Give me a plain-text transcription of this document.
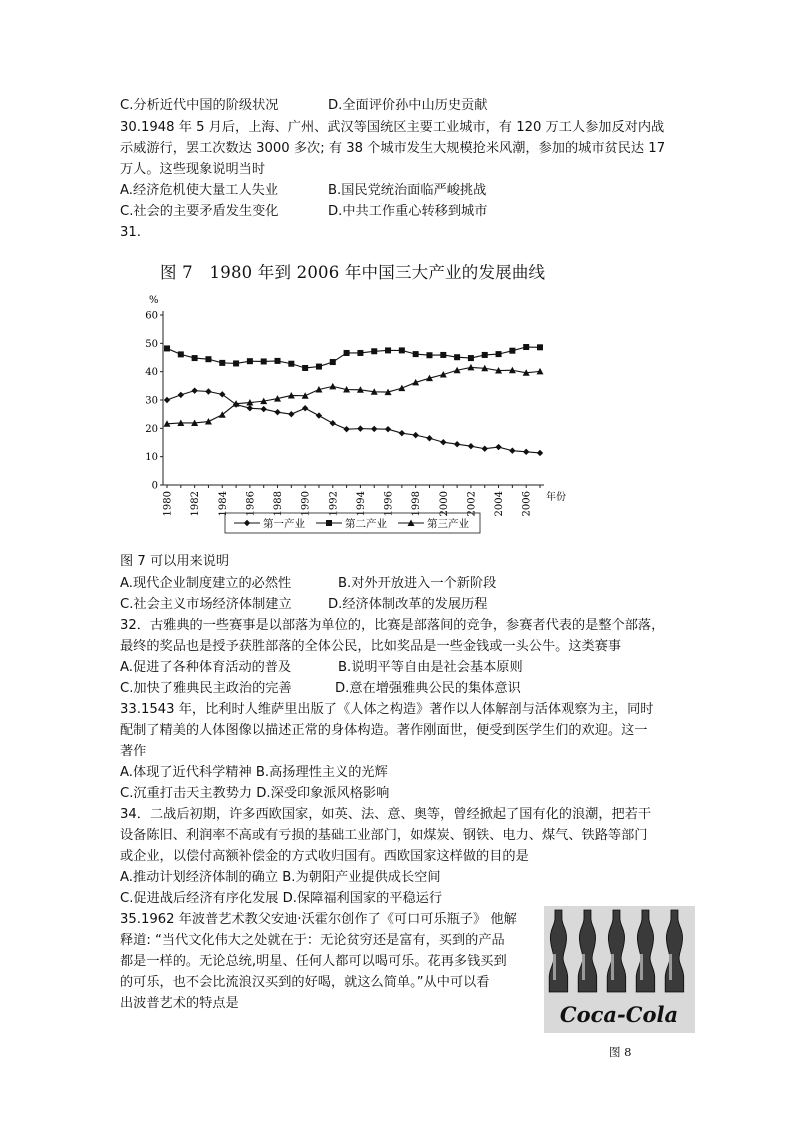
C.分析近代中国的阶级状况	D.全面评价孙中山历史贡献
30.1948 年 5 月后，上海、广州、武汉等国统区主要工业城市，有 120 万工人参加反对内战
示威游行，罢工次数达 3000 多次; 有 38 个城市发生大规模抢米风潮，参加的城市贫民达 17
万人。这些现象说明当时
A.经济危机使大量工人失业	B.国民党统治面临严峻挑战
C.社会的主要矛盾发生变化	D.中共工作重心转移到城市
31.
图 7　1980 年到 2006 年中国三大产业的发展曲线
%
0
10
20
30
40
50
60
1980 1982 1984 1986 1988 1990 1992 1994 1996 1998 2000 2002 2004 2006 年份
第一产业	第二产业	第三产业
图 7 可以用来说明
A.现代企业制度建立的必然性	B.对外开放进入一个新阶段
C.社会主义市场经济体制建立	D.经济体制改革的发展历程
32．古雅典的一些赛事是以部落为单位的，比赛是部落间的竞争，参赛者代表的是整个部落，
最终的奖品也是授予获胜部落的全体公民，比如奖品是一些金钱或一头公牛。这类赛事
A.促进了各种体育活动的普及	B.说明平等自由是社会基本原则
C.加快了雅典民主政治的完善	D.意在增强雅典公民的集体意识
33.1543 年，比利时人维萨里出版了《人体之构造》著作以人体解剖与活体观察为主，同时
配制了精美的人体图像以描述正常的身体构造。著作刚面世，便受到医学生们的欢迎。这一
著作
A.体现了近代科学精神 B.高扬理性主义的光辉
C.沉重打击天主教势力 D.深受印象派风格影响
34．二战后初期，许多西欧国家，如英、法、意、奥等，曾经掀起了国有化的浪潮，把若干
设备陈旧、利润率不高或有亏损的基础工业部门，如煤炭、钢铁、电力、煤气、铁路等部门
或企业，以偿付高额补偿金的方式收归国有。西欧国家这样做的目的是
A.推动计划经济体制的确立 B.为朝阳产业提供成长空间
C.促进战后经济有序化发展 D.保障福利国家的平稳运行
35.1962 年波普艺术教父安迪·沃霍尔创作了《可口可乐瓶子》 他解
释道: “当代文化伟大之处就在于：无论贫穷还是富有，买到的产品
都是一样的。无论总统,明星、任何人都可以喝可乐。花再多钱买到
的可乐，也不会比流浪汉买到的好喝，就这么简单。”从中可以看
出波普艺术的特点是	Coca-Cola
图 8
